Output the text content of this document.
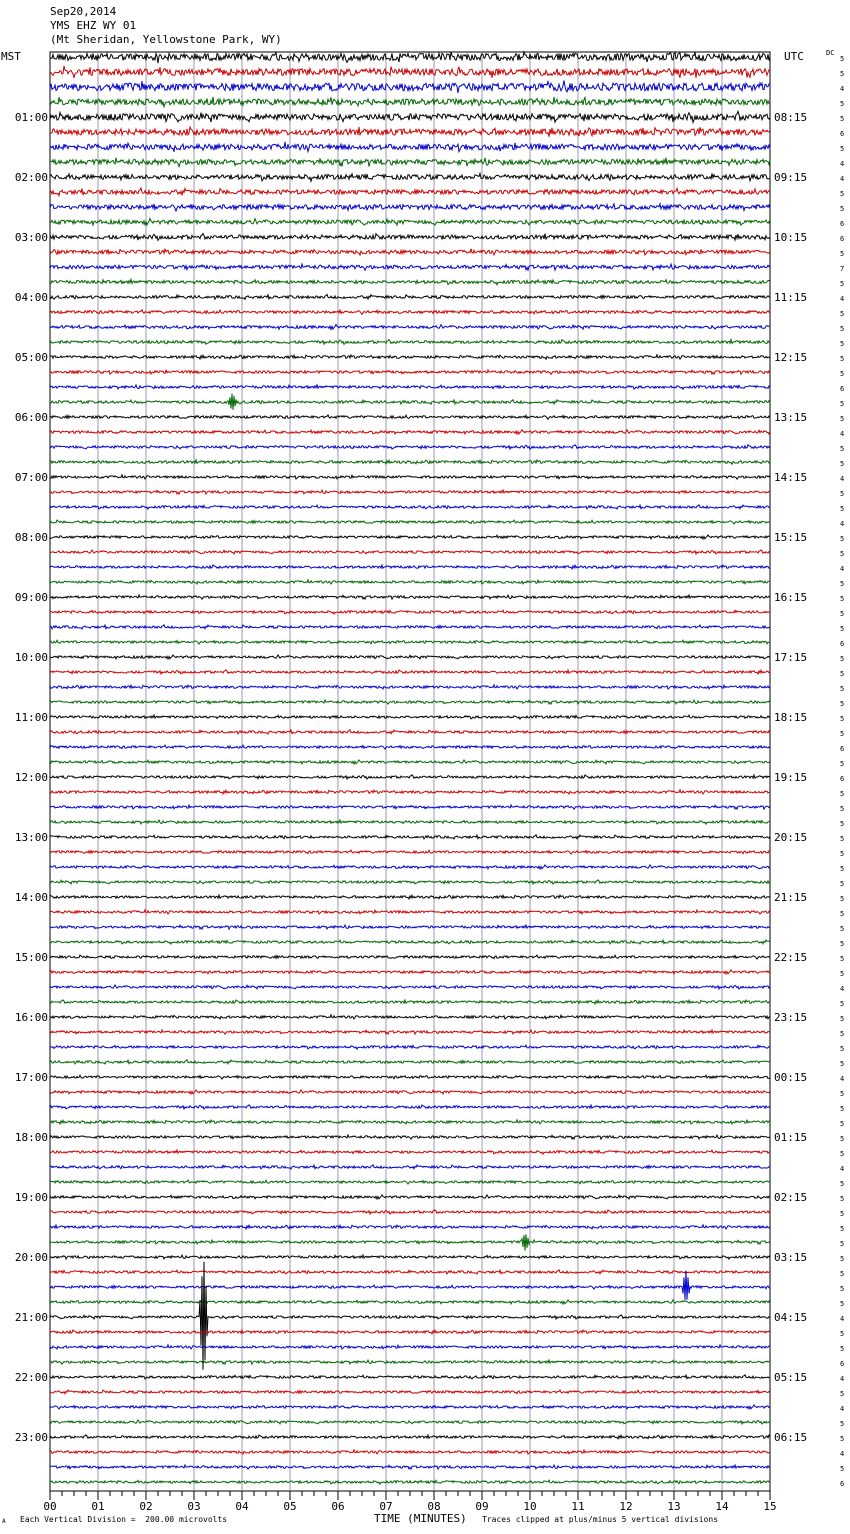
Sep20,2014
YMS EHZ WY 01
(Mt Sheridan, Yellowstone Park, WY)
MST	UTC	DC
5
5
4
5
5
6
5
4
4
5
5
6
6
5
7
5
4
5
5
5
5
5
6
5
5
4
5
5
4
5
5
4
5
5
4
5
5
5
5
6
5
5
5
5
5
5
6
5
6
5
5
5
5
5
5
5
5
5
5
5
5
5
4
5
5
5
5
5
4
5
5
5
5
5
4
5
5
5
5
5
5
5
5
5
4
5
5
6
4
5
4
5
5
4
5
6
01:00	08:15
02:00	09:15
03:00	10:15
04:00	11:15
05:00	12:15
06:00	13:15
07:00	14:15
08:00	15:15
09:00	16:15
10:00	17:15
11:00	18:15
12:00	19:15
13:00	20:15
14:00	21:15
15:00	22:15
16:00	23:15
17:00	00:15
18:00	01:15
19:00	02:15
20:00	03:15
21:00	04:15
22:00	05:15
23:00	06:15
00	01	02	03	04	05	06	07	08	09	10	11	12	13	14	15
A Each Vertical Division =  200.00 microvolts	TIME (MINUTES) Traces clipped at plus/minus 5 vertical divisions
